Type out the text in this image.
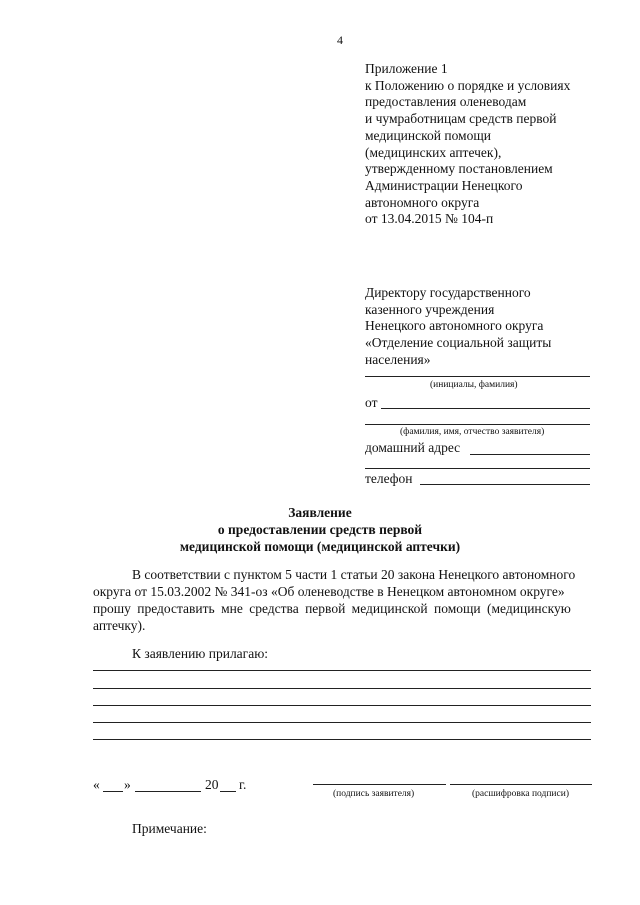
4
Приложение 1
к Положению о порядке и условиях
предоставления оленеводам
и чумработницам средств первой
медицинской помощи
(медицинских аптечек),
утвержденному постановлением
Администрации Ненецкого
автономного округа
от 13.04.2015 № 104-п
Директору государственного
казенного учреждения
Ненецкого автономного округа
«Отделение социальной защиты
населения»
(инициалы, фамилия)
от
(фамилия, имя, отчество заявителя)
домашний адрес
телефон
Заявление
о предоставлении средств первой
медицинской помощи (медицинской аптечки)
В соответствии с пунктом 5 части 1 статьи 20 закона Ненецкого автономного
округа от 15.03.2002 № 341-оз «Об оленеводстве в Ненецком автономном округе»
прошу предоставить мне средства первой медицинской помощи (медицинскую
аптечку).
К заявлению прилагаю:
« »	20 г.
(подпись заявителя)	(расшифровка подписи)
Примечание:
